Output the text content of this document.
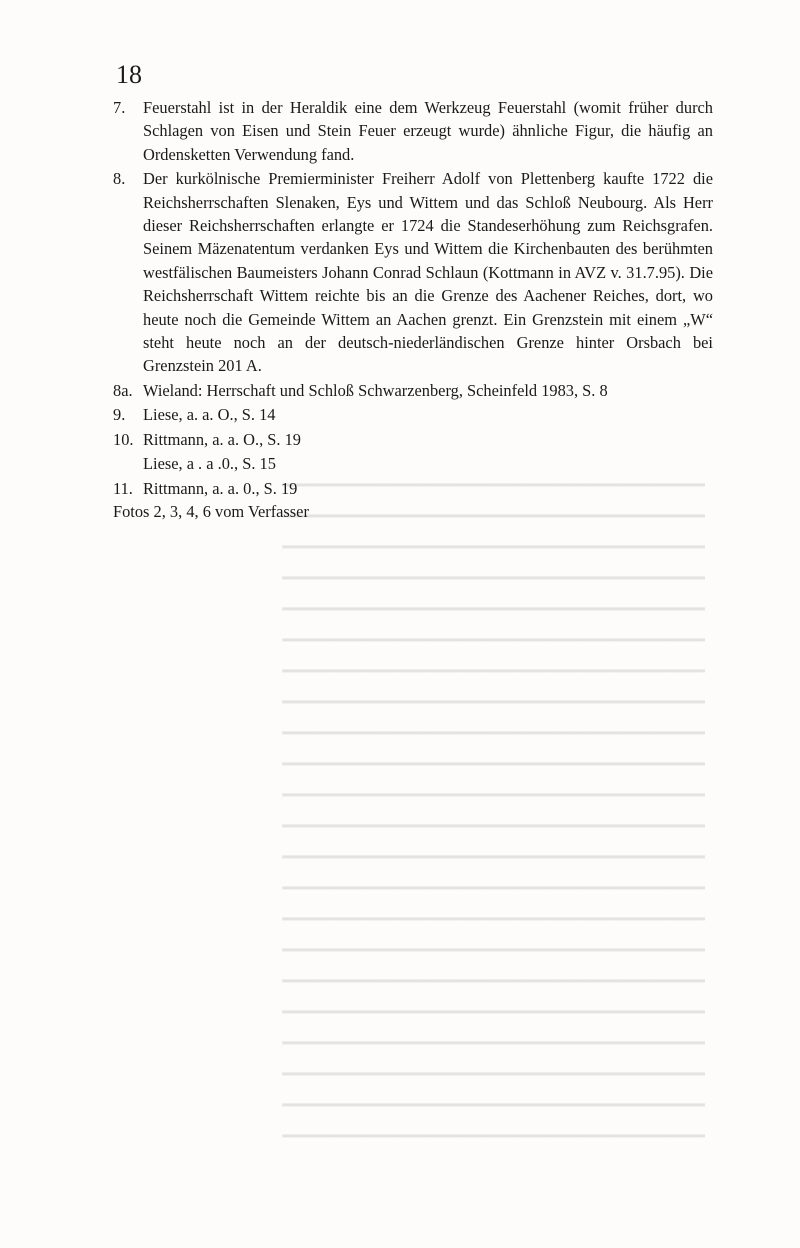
━━━━━━━━━━━━━━━━━━━━━━━━━━━━━━━━━━━━━━━
━━━━━━━━━━━━━━━━━━━━━━━━━━━━━━━━━━━━━━━
━━━━━━━━━━━━━━━━━━━━━━━━━━━━━━━━━━━━━━━
━━━━━━━━━━━━━━━━━━━━━━━━━━━━━━━━━━━━━━━
━━━━━━━━━━━━━━━━━━━━━━━━━━━━━━━━━━━━━━━
━━━━━━━━━━━━━━━━━━━━━━━━━━━━━━━━━━━━━━━
━━━━━━━━━━━━━━━━━━━━━━━━━━━━━━━━━━━━━━━
━━━━━━━━━━━━━━━━━━━━━━━━━━━━━━━━━━━━━━━
━━━━━━━━━━━━━━━━━━━━━━━━━━━━━━━━━━━━━━━
━━━━━━━━━━━━━━━━━━━━━━━━━━━━━━━━━━━━━━━
━━━━━━━━━━━━━━━━━━━━━━━━━━━━━━━━━━━━━━━
━━━━━━━━━━━━━━━━━━━━━━━━━━━━━━━━━━━━━━━
━━━━━━━━━━━━━━━━━━━━━━━━━━━━━━━━━━━━━━━
━━━━━━━━━━━━━━━━━━━━━━━━━━━━━━━━━━━━━━━
━━━━━━━━━━━━━━━━━━━━━━━━━━━━━━━━━━━━━━━
━━━━━━━━━━━━━━━━━━━━━━━━━━━━━━━━━━━━━━━
━━━━━━━━━━━━━━━━━━━━━━━━━━━━━━━━━━━━━━━
━━━━━━━━━━━━━━━━━━━━━━━━━━━━━━━━━━━━━━━
━━━━━━━━━━━━━━━━━━━━━━━━━━━━━━━━━━━━━━━
━━━━━━━━━━━━━━━━━━━━━━━━━━━━━━━━━━━━━━━
━━━━━━━━━━━━━━━━━━━━━━━━━━━━━━━━━━━━━━━
━━━━━━━━━━━━━━━━━━━━━━━━━━━━━━━━━━━━━━━
18
7.	Feuerstahl ist in der Heraldik eine dem Werkzeug Feuerstahl (womit früher durch Schlagen von Eisen und Stein Feuer erzeugt wurde) ähnliche Figur, die häufig an Ordensketten Verwendung fand.
8.	Der kurkölnische Premierminister Freiherr Adolf von Plettenberg kaufte 1722 die Reichsherrschaften Slenaken, Eys und Wittem und das Schloß Neubourg. Als Herr dieser Reichsherrschaften erlangte er 1724 die Standeserhöhung zum Reichsgrafen. Seinem Mäzenatentum verdanken Eys und Wittem die Kirchenbauten des berühmten westfälischen Baumeisters Johann Conrad Schlaun (Kottmann in AVZ v. 31.7.95). Die Reichsherrschaft Wittem reichte bis an die Grenze des Aachener Reiches, dort, wo heute noch die Gemeinde Wittem an Aachen grenzt. Ein Grenzstein mit einem „W“ steht heute noch an der deutsch-niederländischen Grenze hinter Orsbach bei Grenzstein 201 A.
8a. Wieland: Herrschaft und Schloß Schwarzenberg, Scheinfeld 1983, S. 8
9.	Liese, a. a. O., S. 14
10. Rittmann, a. a. O., S. 19
Liese, a . a .0., S. 15
11. Rittmann, a. a. 0., S. 19
Fotos 2, 3, 4, 6 vom Verfasser
